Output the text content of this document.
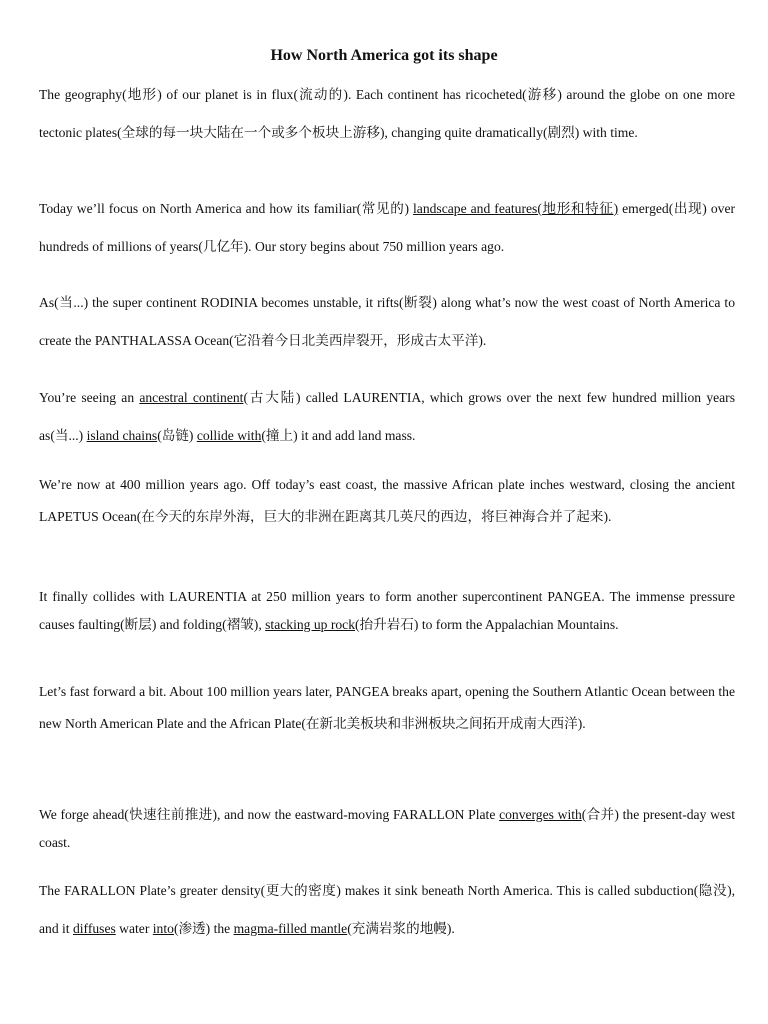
How North America got its shape
The geography(地形) of our planet is in flux(流动的). Each continent has ricocheted(游移) around the globe on one more tectonic plates(全球的每一块大陆在一个或多个板块上游移), changing quite dramatically(剧烈) with time.
Today we’ll focus on North America and how its familiar(常见的) landscape and features(地形和特征) emerged(出现) over hundreds of millions of years(几亿年). Our story begins about 750 million years ago.
As(当...) the super continent RODINIA becomes unstable, it rifts(断裂) along what’s now the west coast of North America to create the PANTHALASSA Ocean(它沿着今日北美西岸裂开，形成古太平洋).
You’re seeing an ancestral continent(古大陆) called LAURENTIA, which grows over the next few hundred million years as(当...) island chains(岛链) collide with(撞上) it and add land mass.
We’re now at 400 million years ago. Off today’s east coast, the massive African plate inches westward, closing the ancient LAPETUS Ocean(在今天的东岸外海，巨大的非洲在距离其几英尺的西边，将巨神海合并了起来).
It finally collides with LAURENTIA at 250 million years to form another supercontinent PANGEA. The immense pressure causes faulting(断层) and folding(褶皱), stacking up rock(抬升岩石) to form the Appalachian Mountains.
Let’s fast forward a bit. About 100 million years later, PANGEA breaks apart, opening the Southern Atlantic Ocean between the new North American Plate and the African Plate(在新北美板块和非洲板块之间拓开成南大西洋).
We forge ahead(快速往前推进), and now the eastward-moving FARALLON Plate converges with(合并) the present-day west coast.
The FARALLON Plate’s greater density(更大的密度) makes it sink beneath North America. This is called subduction(隐没), and it diffuses water into(渗透) the magma-filled mantle(充满岩浆的地幔).
